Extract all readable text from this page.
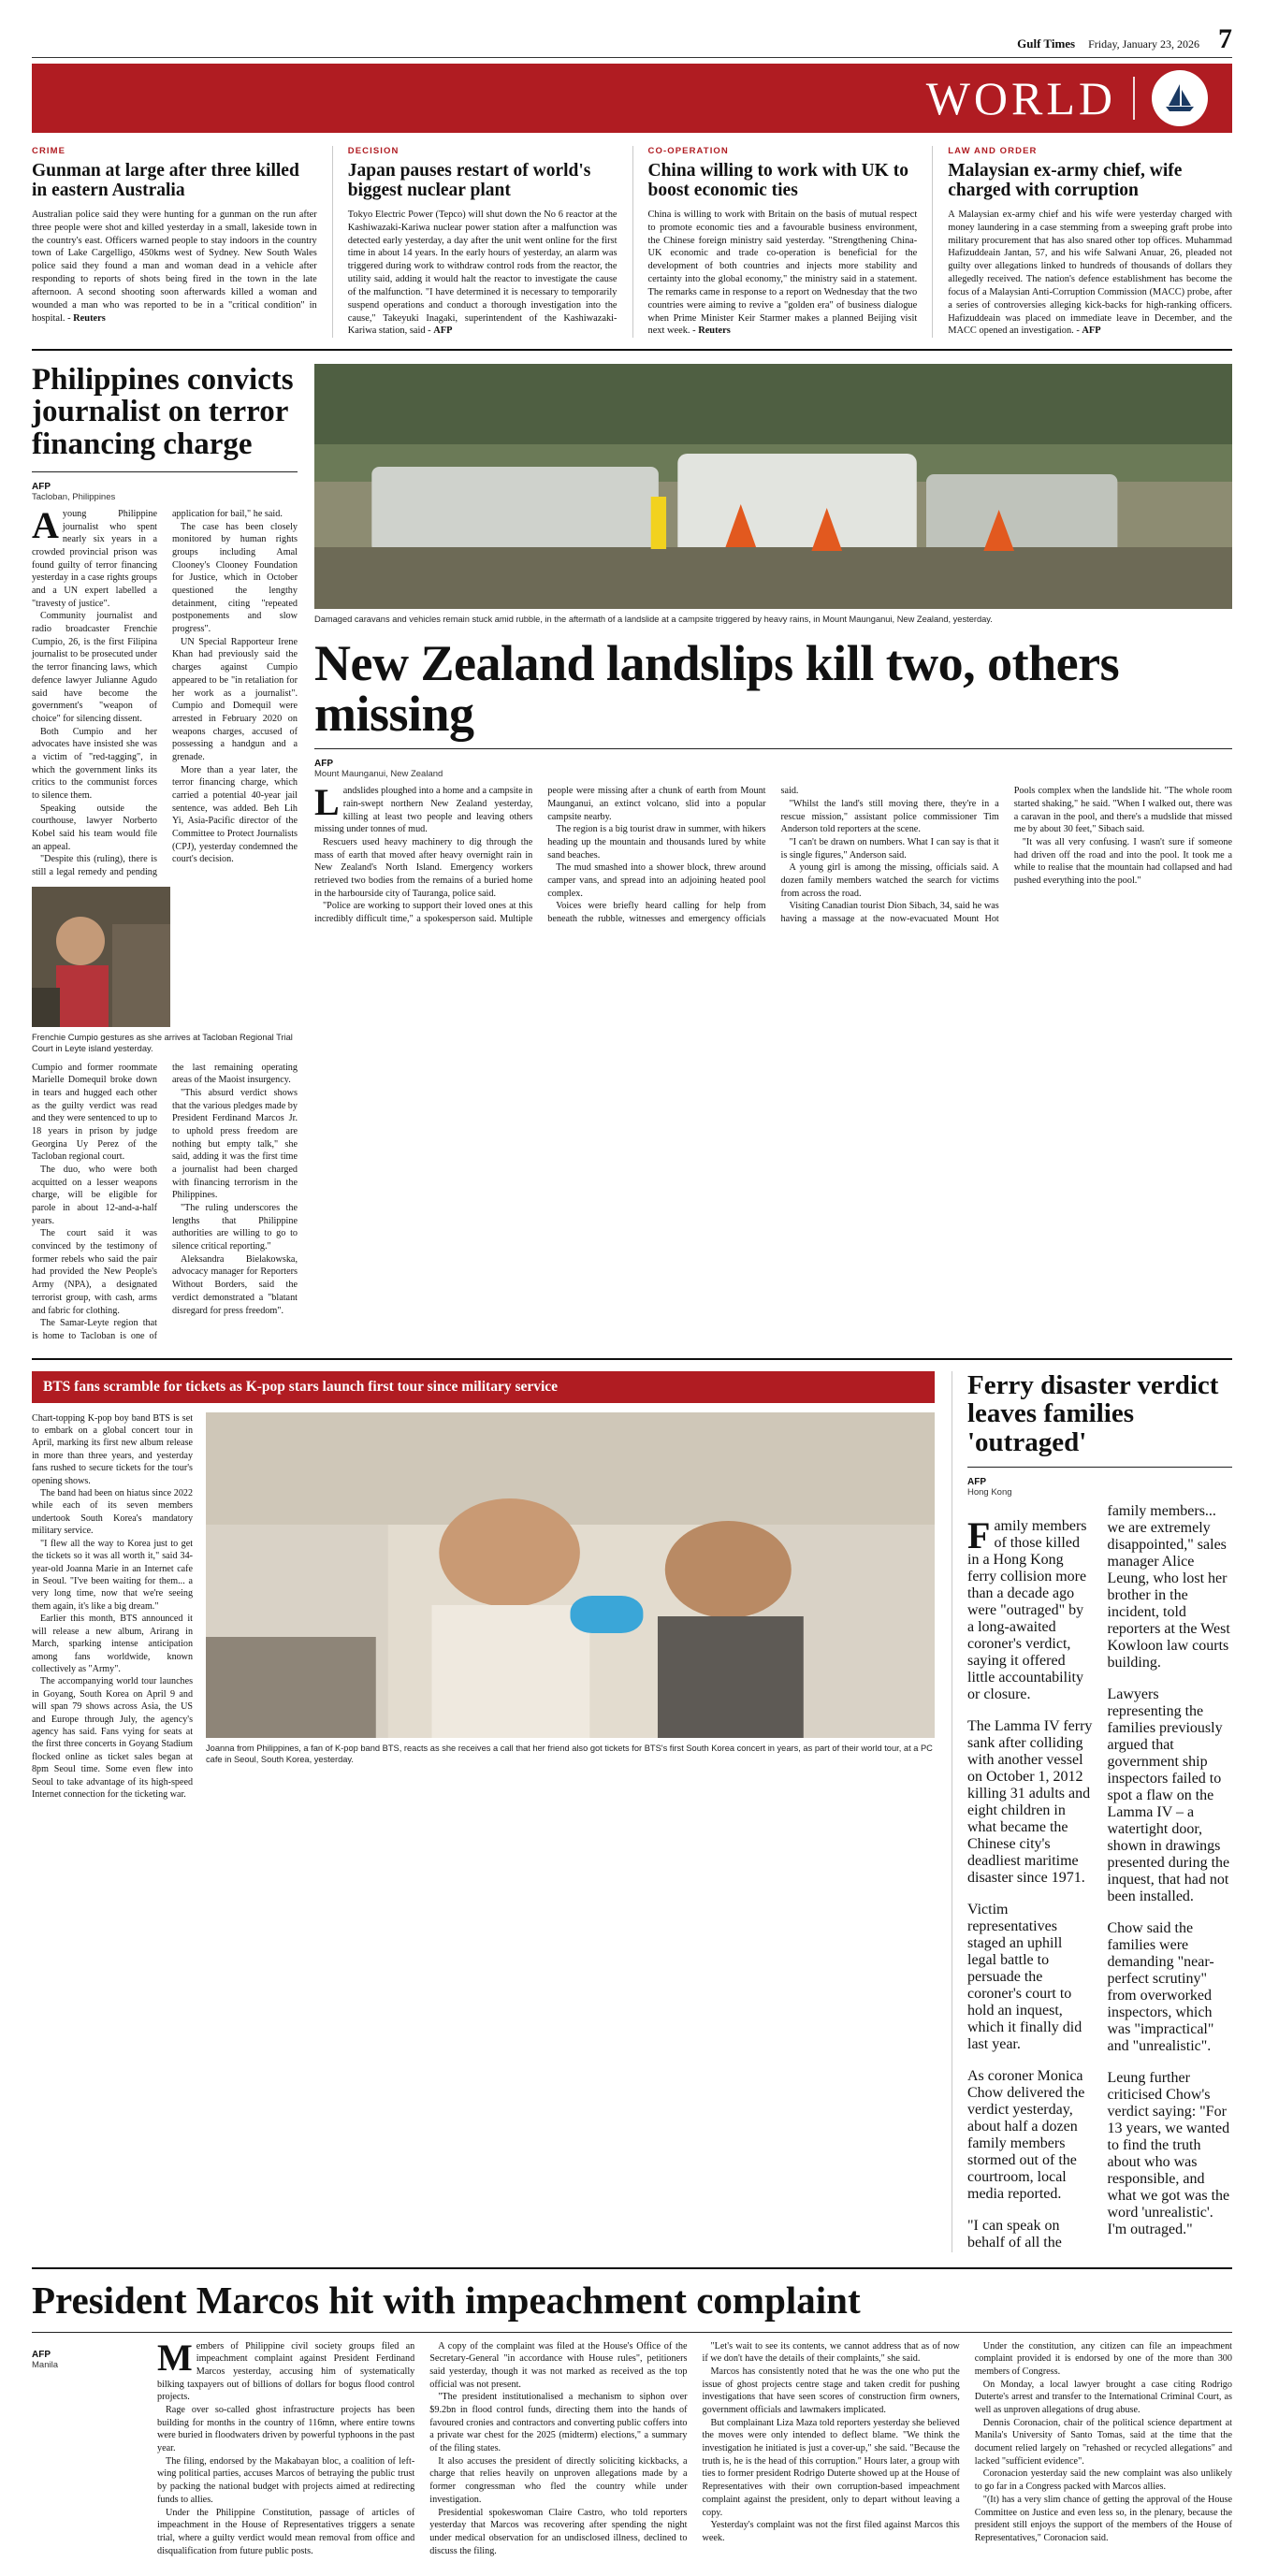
Gulf Times Friday, January 23, 2026 7
WORLD
CRIME
Gunman at large after three killed in eastern Australia

Australian police said they were hunting for a gunman on the run after three people were shot and killed yesterday in a small, lakeside town in the country's east. Officers warned people to stay indoors in the country town of Lake Cargelligo, 450kms west of Sydney. New South Wales police said they found a man and woman dead in a vehicle after responding to reports of shots being fired in the town in the late afternoon. A second shooting soon afterwards killed a woman and wounded a man who was reported to be in a "critical condition" in hospital. - Reuters

DECISION
Japan pauses restart of world's biggest nuclear plant

Tokyo Electric Power (Tepco) will shut down the No 6 reactor at the Kashiwazaki-Kariwa nuclear power station after a malfunction was detected early yesterday, a day after the unit went online for the first time in about 14 years. In the early hours of yesterday, an alarm was triggered during work to withdraw control rods from the reactor, the utility said, adding it would halt the reactor to investigate the cause of the malfunction. "I have determined it is necessary to temporarily suspend operations and conduct a thorough investigation into the cause," Takeyuki Inagaki, superintendent of the Kashiwazaki-Kariwa station, said - AFP

CO-OPERATION
China willing to work with UK to boost economic ties

China is willing to work with Britain on the basis of mutual respect to promote economic ties and a favourable business environment, the Chinese foreign ministry said yesterday. "Strengthening China-UK economic and trade co-operation is beneficial for the development of both countries and injects more stability and certainty into the global economy," the ministry said in a statement. The remarks came in response to a report on Wednesday that the two countries were aiming to revive a "golden era" of business dialogue when Prime Minister Keir Starmer makes a planned Beijing visit next week. - Reuters

LAW AND ORDER
Malaysian ex-army chief, wife charged with corruption

A Malaysian ex-army chief and his wife were yesterday charged with money laundering in a case stemming from a sweeping graft probe into military procurement that has also snared other top offices. Muhammad Hafizuddeain Jantan, 57, and his wife Salwani Anuar, 26, pleaded not guilty over allegations linked to hundreds of thousands of dollars they allegedly received. The nation's defence establishment has become the focus of a Malaysian Anti-Corruption Commission (MACC) probe, after a series of controversies alleging kick-backs for high-ranking officers. Hafizuddeain was placed on immediate leave in December, and the MACC opened an investigation. - AFP

Philippines convicts journalist on terror financing charge
AFP
Tacloban, Philippines

Ayoung Philippine journalist who spent nearly six years in a crowded provincial prison was found guilty of terror financing yesterday in a case rights groups and a UN expert labelled a "travesty of justice".

Community journalist and radio broadcaster Frenchie Cumpio, 26, is the first Filipina journalist to be prosecuted under the terror financing laws, which defence lawyer Julianne Agudo said have become the government's "weapon of choice" for silencing dissent.

Both Cumpio and her advocates have insisted she was a victim of "red-tagging", in which the government links its critics to the communist forces to silence them.

Speaking outside the courthouse, lawyer Norberto Kobel said his team would file an appeal.

"Despite this (ruling), there is still a legal remedy and pending application for bail," he said.

The case has been closely monitored by human rights groups including Amal Clooney's Clooney Foundation for Justice, which in October questioned the lengthy detainment, citing "repeated postponements and slow progress".

UN Special Rapporteur Irene Khan had previously said the charges against Cumpio appeared to be "in retaliation for her work as a journalist". Cumpio and Domequil were arrested in February 2020 on weapons charges, accused of possessing a handgun and a grenade.

More than a year later, the terror financing charge, which carried a potential 40-year jail sentence, was added. Beh Lih Yi, Asia-Pacific director of the Committee to Protect Journalists (CPJ), yesterday condemned the court's decision.

Frenchie Cumpio gestures as she arrives at Tacloban Regional Trial Court in Leyte island yesterday.

Cumpio and former roommate Marielle Domequil broke down in tears and hugged each other as the guilty verdict was read and they were sentenced to up to 18 years in prison by judge Georgina Uy Perez of the Tacloban regional court.

The duo, who were both acquitted on a lesser weapons charge, will be eligible for parole in about 12-and-a-half years.

The court said it was convinced by the testimony of former rebels who said the pair had provided the New People's Army (NPA), a designated terrorist group, with cash, arms and fabric for clothing.

The Samar-Leyte region that is home to Tacloban is one of the last remaining operating areas of the Maoist insurgency.

"This absurd verdict shows that the various pledges made by President Ferdinand Marcos Jr. to uphold press freedom are nothing but empty talk," she said, adding it was the first time a journalist had been charged with financing terrorism in the Philippines.

"The ruling underscores the lengths that Philippine authorities are willing to go to silence critical reporting."

Aleksandra Bielakowska, advocacy manager for Reporters Without Borders, said the verdict demonstrated a "blatant disregard for press freedom".

Damaged caravans and vehicles remain stuck amid rubble, in the aftermath of a landslide at a campsite triggered by heavy rains, in Mount Maunganui, New Zealand, yesterday.
New Zealand landslips kill two, others missing
AFP
Mount Maunganui, New Zealand

Landslides ploughed into a home and a campsite in rain-swept northern New Zealand yesterday, killing at least two people and leaving others missing under tonnes of mud.

Rescuers used heavy machinery to dig through the mass of earth that moved after heavy overnight rain in New Zealand's North Island. Emergency workers retrieved two bodies from the remains of a buried home in the harbourside city of Tauranga, police said.

"Police are working to support their loved ones at this incredibly difficult time," a spokesperson said. Multiple people were missing after a chunk of earth from Mount Maunganui, an extinct volcano, slid into a popular campsite nearby.

The region is a big tourist draw in summer, with hikers heading up the mountain and thousands lured by white sand beaches.

The mud smashed into a shower block, threw around camper vans, and spread into an adjoining heated pool complex.

Voices were briefly heard calling for help from beneath the rubble, witnesses and emergency officials said.

"Whilst the land's still moving there, they're in a rescue mission," assistant police commissioner Tim Anderson told reporters at the scene.

"I can't be drawn on numbers. What I can say is that it is single figures," Anderson said.

A young girl is among the missing, officials said. A dozen family members watched the search for victims from across the road.

Visiting Canadian tourist Dion Sibach, 34, said he was having a massage at the now-evacuated Mount Hot Pools complex when the landslide hit. "The whole room started shaking," he said. "When I walked out, there was a caravan in the pool, and there's a mudslide that missed me by about 30 feet," Sibach said.

"It was all very confusing. I wasn't sure if someone had driven off the road and into the pool. It took me a while to realise that the mountain had collapsed and had pushed everything into the pool."

BTS fans scramble for tickets as K-pop stars launch first tour since military service

Chart-topping K-pop boy band BTS is set to embark on a global concert tour in April, marking its first new album release in more than three years, and yesterday fans rushed to secure tickets for the tour's opening shows.

The band had been on hiatus since 2022 while each of its seven members undertook South Korea's mandatory military service.

"I flew all the way to Korea just to get the tickets so it was all worth it," said 34-year-old Joanna Marie in an Internet cafe in Seoul. "I've been waiting for them... a very long time, now that we're seeing them again, it's like a big dream."

Earlier this month, BTS announced it will release a new album, Arirang in March, sparking intense anticipation among fans worldwide, known collectively as "Army".

The accompanying world tour launches in Goyang, South Korea on April 9 and will span 79 shows across Asia, the US and Europe through July, the agency's agency has said. Fans vying for seats at the first three concerts in Goyang Stadium flocked online as ticket sales began at 8pm Seoul time. Some even flew into Seoul to take advantage of its high-speed Internet connection for the ticketing war.

Joanna from Philippines, a fan of K-pop band BTS, reacts as she receives a call that her friend also got tickets for BTS's first South Korea concert in years, as part of their world tour, at a PC cafe in Seoul, South Korea, yesterday.
Ferry disaster verdict leaves families 'outraged'
AFP
Hong Kong

Family members of those killed in a Hong Kong ferry collision more than a decade ago were "outraged" by a long-awaited coroner's verdict, saying it offered little accountability or closure.

The Lamma IV ferry sank after colliding with another vessel on October 1, 2012 killing 31 adults and eight children in what became the Chinese city's deadliest maritime disaster since 1971.

Victim representatives staged an uphill legal battle to persuade the coroner's court to hold an inquest, which it finally did last year.

As coroner Monica Chow delivered the verdict yesterday, about half a dozen family members stormed out of the courtroom, local media reported.

"I can speak on behalf of all the family members... we are extremely disappointed," sales manager Alice Leung, who lost her brother in the incident, told reporters at the West Kowloon law courts building.

Lawyers representing the families previously argued that government ship inspectors failed to spot a flaw on the Lamma IV – a watertight door, shown in drawings presented during the inquest, that had not been installed.

Chow said the families were demanding "near-perfect scrutiny" from overworked inspectors, which was "impractical" and "unrealistic".

Leung further criticised Chow's verdict saying: "For 13 years, we wanted to find the truth about who was responsible, and what we got was the word 'unrealistic'. I'm outraged."

President Marcos hit with impeachment complaint
AFP
Manila	Members of Philippine civil society groups filed an impeachment complaint against President Ferdinand Marcos yesterday, accusing him of systematically bilking taxpayers out of billions of dollars for bogus flood control projects.

Rage over so-called ghost infrastructure projects has been building for months in the country of 116mn, where entire towns were buried in floodwaters driven by powerful typhoons in the past year.

The filing, endorsed by the Makabayan bloc, a coalition of left-wing political parties, accuses Marcos of betraying the public trust by packing the national budget with projects aimed at redirecting funds to allies.

Under the Philippine Constitution, passage of articles of impeachment in the House of Representatives triggers a senate trial, where a guilty verdict would mean removal from office and disqualification from future public posts.

A copy of the complaint was filed at the House's Office of the Secretary-General "in accordance with House rules", petitioners said yesterday, though it was not marked as received as the top official was not present.

"The president institutionalised a mechanism to siphon over $9.2bn in flood control funds, directing them into the hands of favoured cronies and contractors and converting public coffers into a private war chest for the 2025 (midterm) elections," a summary of the filing states.

It also accuses the president of directly soliciting kickbacks, a charge that relies heavily on unproven allegations made by a former congressman who fled the country while under investigation.

Presidential spokeswoman Claire Castro, who told reporters yesterday that Marcos was recovering after spending the night under medical observation for an undisclosed illness, declined to discuss the filing.

"Let's wait to see its contents, we cannot address that as of now if we don't have the details of their complaints," she said.

Marcos has consistently noted that he was the one who put the issue of ghost projects centre stage and taken credit for pushing investigations that have seen scores of construction firm owners, government officials and lawmakers implicated.

But complainant Liza Maza told reporters yesterday she believed the moves were only intended to deflect blame. "We think the investigation he initiated is just a cover-up," she said. "Because the truth is, he is the head of this corruption." Hours later, a group with ties to former president Rodrigo Duterte showed up at the House of Representatives with their own corruption-based impeachment complaint against the president, only to depart without leaving a copy.

Yesterday's complaint was not the first filed against Marcos this week.

Under the constitution, any citizen can file an impeachment complaint provided it is endorsed by one of the more than 300 members of Congress.

On Monday, a local lawyer brought a case citing Rodrigo Duterte's arrest and transfer to the International Criminal Court, as well as unproven allegations of drug abuse.

Dennis Coronacion, chair of the political science department at Manila's University of Santo Tomas, said at the time that the document relied largely on "rehashed or recycled allegations" and lacked "sufficient evidence".

Coronacion yesterday said the new complaint was also unlikely to go far in a Congress packed with Marcos allies.

"(It) has a very slim chance of getting the approval of the House Committee on Justice and even less so, in the plenary, because the president still enjoys the support of the members of the House of Representatives," Coronacion said.
